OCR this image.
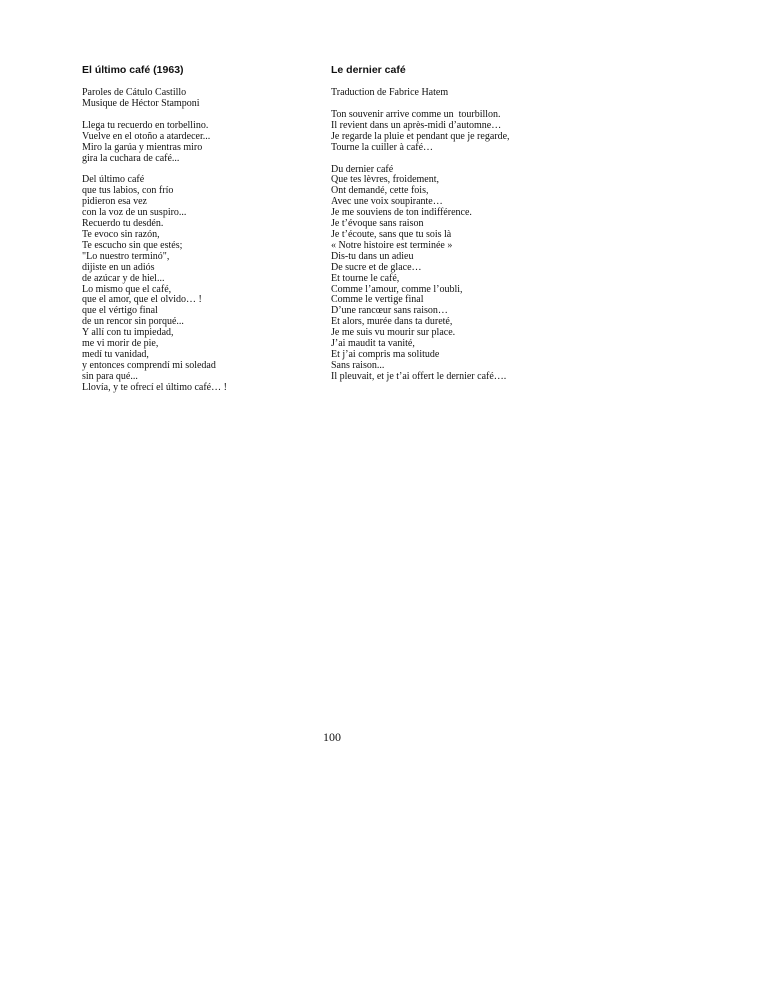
El último café (1963)
Paroles de Cátulo Castillo
Musique de Héctor Stamponi
Llega tu recuerdo en torbellino.
Vuelve en el otoño a atardecer...
Miro la garúa y mientras miro
gira la cuchara de café...
Del último café
que tus labios, con frío
pidieron esa vez
con la voz de un suspiro...
Recuerdo tu desdén.
Te evoco sin razón,
Te escucho sin que estés;
"Lo nuestro terminó",
dijiste en un adiós
de azúcar y de hiel...
Lo mismo que el café,
que el amor, que el olvido… !
que el vértigo final
de un rencor sin porqué...
Y allí con tu impiedad,
me vi morir de pie,
medí tu vanidad,
y entonces comprendí mi soledad
sin para qué...
Llovía, y te ofrecí el último café… !
Le dernier café
Traduction de Fabrice Hatem
Ton souvenir arrive comme un  tourbillon.
Il revient dans un après-midi d’automne…
Je regarde la pluie et pendant que je regarde,
Tourne la cuiller à café…
Du dernier café
Que tes lèvres, froidement,
Ont demandé, cette fois,
Avec une voix soupirante…
Je me souviens de ton indifférence.
Je t’évoque sans raison
Je t’écoute, sans que tu sois là
« Notre histoire est terminée »
Dis-tu dans un adieu
De sucre et de glace…
Et tourne le café,
Comme l’amour, comme l’oubli,
Comme le vertige final
D’une rancœur sans raison…
Et alors, murée dans ta dureté,
Je me suis vu mourir sur place.
J’ai maudit ta vanité,
Et j’ai compris ma solitude
Sans raison...
Il pleuvait, et je t’ai offert le dernier café….
100
